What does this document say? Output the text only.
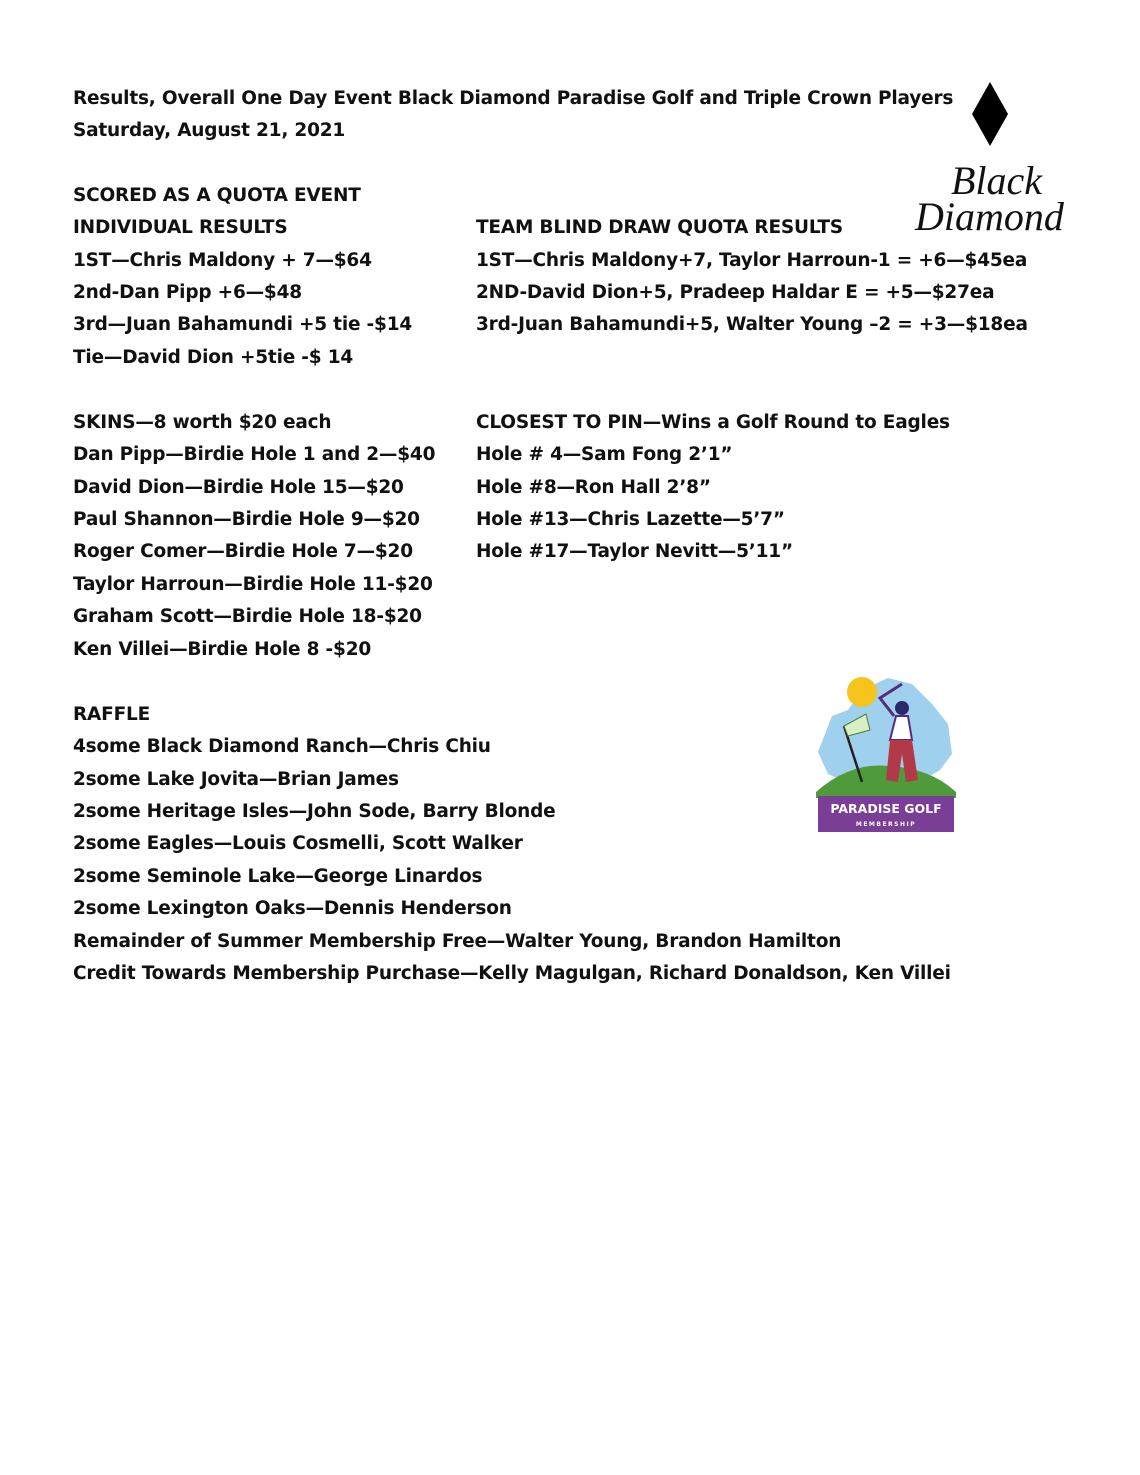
Results, Overall One Day Event Black Diamond Paradise Golf and Triple Crown Players
Saturday, August 21, 2021
SCORED AS A QUOTA EVENT
INDIVIDUAL RESULTS
1ST—Chris Maldony + 7—$64
2nd-Dan Pipp +6—$48
3rd—Juan Bahamundi +5 tie -$14
Tie—David Dion +5tie -$ 14
TEAM BLIND DRAW QUOTA RESULTS
1ST—Chris Maldony+7, Taylor Harroun-1 = +6—$45ea
2ND-David Dion+5, Pradeep Haldar E = +5—$27ea
3rd-Juan Bahamundi+5, Walter Young –2 = +3—$18ea
SKINS—8 worth $20 each
Dan Pipp—Birdie Hole 1 and 2—$40
David Dion—Birdie Hole 15—$20
Paul Shannon—Birdie Hole 9—$20
Roger Comer—Birdie Hole 7—$20
Taylor Harroun—Birdie Hole 11-$20
Graham Scott—Birdie Hole 18-$20
Ken Villei—Birdie Hole 8 -$20
CLOSEST TO PIN—Wins a Golf Round to Eagles
Hole # 4—Sam Fong 2’1”
Hole #8—Ron Hall 2’8”
Hole #13—Chris Lazette—5’7”
Hole #17—Taylor Nevitt—5’11”
RAFFLE
4some Black Diamond Ranch—Chris Chiu
2some Lake Jovita—Brian James
2some Heritage Isles—John Sode, Barry Blonde
2some Eagles—Louis Cosmelli, Scott Walker
2some Seminole Lake—George Linardos
2some Lexington Oaks—Dennis Henderson
Remainder of Summer Membership Free—Walter Young, Brandon Hamilton
Credit Towards Membership Purchase—Kelly Magulgan, Richard Donaldson, Ken Villei
Black
Diamond
PARADISE GOLF
MEMBERSHIP
